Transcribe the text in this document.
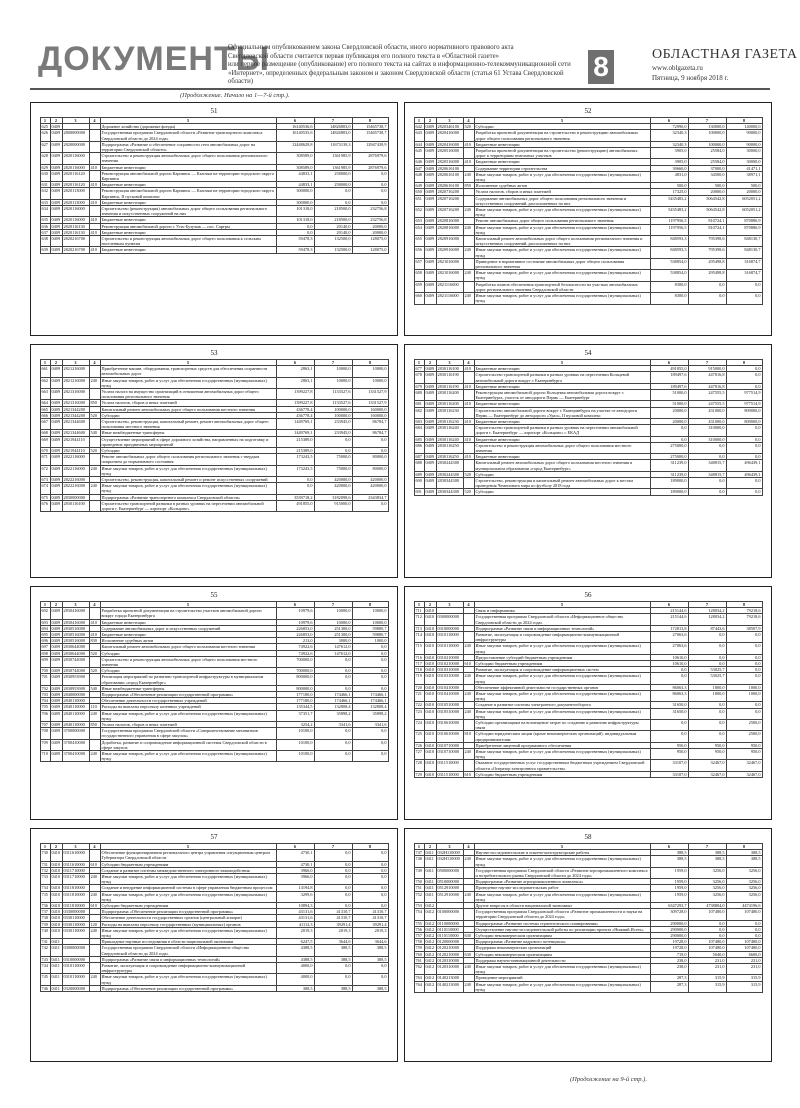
ДОКУМЕНТЫ
Официальным опубликованием закона Свердловской области, иного нормативного правового акта
Свердловской области считается первая публикация его полного текста в «Областной газете»
или первое размещение (опубликование) его полного текста на сайтах в информационно-телекоммуникационной сети
«Интернет», определенных федеральным законом и законом Свердловской области (статья 61 Устава Свердловской области)	8	ОБЛАСТНАЯ ГАЗЕТА
www.oblgazeta.ru
Пятница, 9 ноября 2018 г.
(Продолжение. Начало на 1—7-й стр.).
51
1	2	3	4	5	6	7	8
625	0409			Дорожное хозяйство (дорожные фонды)	16140536,6	14826803,0	15465738,7
626	0409	2800000000		Государственная программа Свердловской области «Развитие транспортного комплекса Свердловской области до 2024 года»	16140535,6	14826803,0	15465738,7
627	0409	2820000000		Подпрограмма «Развитие и обеспечение сохранности сети автомобильных дорог на территории Свердловской области»	12448629,8	11673139,3	12947439,9
628	0409	2820116000		Строительство и реконструкция автомобильных дорог общего пользования регионального значения	308589,0	1361985,9	2876979,6
629	0409	2820116000	410	Бюджетные инвестиции	308589,0	1361985,9	2876979,6
630	0409	2820116120		Реконструкция автомобильной дороги Карпинск — Кытлым на территории городского округа Карпинск	44833,1	258000,0	0,0
631	0409	2820116120	410	Бюджетные инвестиции	44833,1	258000,0	0,0
632	0409	2820113000		Реконструкция автомобильной дороги Карпинск — Кытлым на территории городского округа Карпинск, II пусковой комплекс	300000,0	0,0	0,0
633	0409	2820113000	410	Бюджетные инвестиции	300000,0	0,0	0,0
634	0409	2820116000		Строительство (реконструкция) автомобильных дорог общего пользования регионального значения и искусственных сооружений на них	101318,0	218500,0	232756,8
635	0409	2820116000	410	Бюджетные инвестиции	101318,0	218500,0	232756,8
636	0409	2820116130		Реконструкция автомобильной дороги г. Усть-Бузулык — пос. Сартры	0,0	20140,0	20000,0
637	0409	2820116130	410	Бюджетные инвестиции	0,0	20140,0	20000,0
638	0409	2820216700		Строительство и реконструкция автомобильных дорог общего пользования к сельским населенным пунктам	59478,3	132500,0	128075,0
639	0409	2820216700	410	Бюджетные инвестиции	59478,3	132500,0	128075,0
52
1	2	3	4	5	6	7	8
642	0409	2820346100	520	Субсидии	72990,0	130000,0	140000,0
643	0409	2820416000		Разработка проектной документации на строительство и реконструкцию автомобильных дорог общего пользования регионального значения	32340,3	100000,0	90000,0
644	0409	2820416000	410	Бюджетные инвестиции	32340,3	100000,0	90000,0
645	0409	2820516000		Разработка проектной документации на строительство (реконструкцию) автомобильных дорог к территориям земельных участков	3905,0	25584,0	30000,0
646	0409	2820516000	410	Бюджетные инвестиции	3905,0	25584,0	30000,0
647	0409	2820616100		Содержание территории строительства	39660,0	37000,0	41471,1
648	0409	2820616100	240	Иные закупки товаров, работ и услуг для обеспечения государственных (муниципальных) нужд	4831,0	34500,0	38971,1
649	0409	2820616100	850	Исполнение судебных актов	500,0	500,0	500,0
650	0409	2820716200		Уплата налогов, сборов и иных платежей	17325,0	20000,0	20000,0
651	0409	2820716200		Содержание автомобильных дорог общего пользования регионального значения и искусственных сооружений, расположенных на них	5435483,2	5064542,8	6052051,2
652	0409	2820716200	240	Иные закупки товаров, работ и услуг для обеспечения государственных (муниципальных) нужд	5435483,2	5064542,8	6052051,2
653	0409	2820816000		Ремонт автомобильных дорог общего пользования регионального значения	1197956,5	810724,1	870886,9
654	0409	2820816000	240	Иные закупки товаров, работ и услуг для обеспечения государственных (муниципальных) нужд	1197956,5	810724,1	870886,9
655	0409	2820916000		Капитальный ремонт автомобильных дорог общего пользования регионального значения и искусственных сооружений, расположенных на них	848593,3	795398,6	848130,7
656	0409	2820916000	240	Иные закупки товаров, работ и услуг для обеспечения государственных (муниципальных) нужд	848593,3	795398,6	848130,7
657	0409	2821016000		Приведение в нормативное состояние автомобильных дорог общего пользования регионального значения	538854,0	295498,8	316874,7
658	0409	2821016000	240	Иные закупки товаров, работ и услуг для обеспечения государственных (муниципальных) нужд	538854,0	295498,8	316874,7
659	0409	2821116000		Разработка планов обеспечения транспортной безопасности на участках автомобильных дорог регионального значения Свердловской области	8300,0	0,0	0,0
660	0409	2821116000	240	Иные закупки товаров, работ и услуг для обеспечения государственных (муниципальных) нужд	8300,0	0,0	0,0
53
1	2	3	4	5	6	7	8
661	0409	2821216000		Приобретение машин, оборудования, транспортных средств для обеспечения сохранности автомобильных дорог	2863,1	10000,0	10000,0
662	0409	2821216000	240	Иные закупки товаров, работ и услуг для обеспечения государственных (муниципальных) нужд	2863,1	10000,0	10000,0
663	0409	2821316000		Уплата налога на имущество организаций в отношении автомобильных дорог общего пользования регионального значения	1399227,8	1133527,6	1331527,9
664	0409	2821316000	850	Уплата налогов, сборов и иных платежей	1399227,8	1133527,6	1331527,9
665	0409	2821344200		Капитальный ремонт автомобильных дорог общего пользования местного значения	436778,4	100000,0	160000,0
666	0409	2821344200	520	Субсидии	436778,4	100000,0	160000,0
667	0409	2821344600		Строительство, реконструкция, капитальный ремонт, ремонт автомобильных дорог общего пользования местного значения	1449769,1	233945,0	86784,7
668	0409	2821344600	540	Иные межбюджетные трансферты	1449769,1	233945,0	86784,7
669	0409	2821944110		Осуществление мероприятий в сфере дорожного хозяйства, направленных на подготовку и проведение праздничных мероприятий	215389,0	0,0	0,0
670	0409	2821944110	520	Субсидии	215389,0	0,0	0,0
671	0409	2822116000		Ремонт автомобильных дорог общего пользования регионального значения с твердым покрытием до нормативного состояния	173243,5	75000,0	80000,0
672	0409	2822116000	240	Иные закупки товаров, работ и услуг для обеспечения государственных (муниципальных) нужд	173243,5	75000,0	80000,0
673	0409	2822216000		Строительство, реконструкция, капитальный ремонт и ремонт искусственных сооружений	0,0	420000,0	420000,0
674	0409	2822216000	240	Иные закупки товаров, работ и услуг для обеспечения государственных (муниципальных) нужд	0,0	420000,0	420000,0
675	0409	2830000000		Подпрограмма «Развитие транспортного комплекса Свердловской области»	3539718,2	3182098,6	2343834,7
676	0409	2830116100		Строительство транспортной развязки в разных уровнях на пересечении автомобильной дороги г. Екатеринбург — аэропорт «Кольцово»	491855,0	915000,0	0,0
54
1	2	3	4	5	6	7	8
677	0409	2830116100	410	Бюджетные инвестиции	491855,0	915000,0	0,0
678	0409	2830116190		Строительство транспортной развязки в разных уровнях на пересечении Кольцевой автомобильной дороги вокруг г. Екатеринбурга	189497,6	447816,8	0,0
679	0409	2830116190	410	Бюджетные инвестиции	189497,6	447816,8	0,0
680	0409	2830116200		Реконструкция автомобильной дороги Кольцевая автомобильная дорога вокруг г. Екатеринбурга, участок от автодороги Пермь — Екатеринбург	51000,0	247555,5	977514,9
681	0409	2830116200	410	Бюджетные инвестиции	51000,0	247555,5	977514,9
682	0409	2830116230		Строительство автомобильной дороги вокруг г. Екатеринбурга на участке от автодороги Пермь — Екатеринбург до автодороги «Урал», II пусковой комплекс	20000,0	431000,0	809000,0
683	0409	2830116230	410	Бюджетные инвестиции	20000,0	431000,0	809000,0
684	0409	2830116240		Строительство транспортной развязки в разных уровнях на пересечении автомобильной дороги г. Екатеринбург — аэропорт «Кольцово» с ЕКАД	0,0	310000,0	0,0
685	0409	2830116240	410	Бюджетные инвестиции	0,0	310000,0	0,0
686	0409	2830116250		Строительство и реконструкция автомобильных дорог общего пользования местного значения	275000,0	0,0	0,0
687	0409	2830116250	410	Бюджетные инвестиции	275000,0	0,0	0,0
688	0409	2830244300		Капитальный ремонт автомобильных дорог общего пользования местного значения в муниципальном образовании «город Екатеринбург»	311239,0	348815,7	496439,1
689	0409	2830244300	520	Субсидии	311239,0	348815,7	496439,1
690	0409	2830344300		Строительство, реконструкция и капитальный ремонт автомобильных дорог к местам проведения Чемпионата мира по футболу 2018 года	189000,0	0,0	0,0
691	0409	2830344300	520	Субсидии	189000,0	0,0	0,0
55
1	2	3	4	5	6	7	8
692	0409	2830416000		Разработка проектной документации на строительство участков автомобильной дороги вокруг города Екатеринбурга	10979,6	10000,0	10000,0
693	0409	2830416000	410	Бюджетные инвестиции	10979,6	10000,0	10000,0
694	0409	2830516000		Содержание автомобильных дорог и искусственных сооружений	226853,0	251300,0	59880,7
695	0409	2830516000	410	Бюджетные инвестиции	226853,0	251300,0	59880,7
696	0409	2830516000	830	Исполнение судебных актов	213,0	3000,0	1000,0
697	0409	2830644000		Капитальный ремонт автомобильных дорог общего пользования местного значения	74922,6	147612,0	0,0
698	0409	2830644000	520	Субсидии	74922,6	147612,0	0,0
699	0409	2830744000		Строительство и реконструкция автомобильных дорог общего пользования местного значения	700000,0	0,0	0,0
700	0409	2830744000	520	Субсидии	700000,0	0,0	0,0
701	0409	2830953900		Реализация мероприятий по развитию транспортной инфраструктуры в муниципальном образовании «город Екатеринбург»	800000,0	0,0	0,0
702	0409	2830953900	540	Иные межбюджетные трансферты	800000,0	0,0	0,0
703	0409	2840000000		Подпрограмма «Обеспечение реализации государственной программы»	177180,0	174466,1	174466,1
704	0409	2840110000		Обеспечение деятельности государственных учреждений	177180,0	174466,1	174466,1
705	0409	2840110000	110	Расходы на выплаты персоналу казенных учреждений	135344,5	132808,4	132808,4
706	0409	2840110000	240	Иные закупки товаров, работ и услуг для обеспечения государственных (муниципальных) нужд	37351,7	35898,2	35898,2
707	0409	2840110000	850	Уплата налогов, сборов и иных платежей	3254,2	3341,6	3341,6
708	0409	3700000000		Государственная программа Свердловской области «Совершенствование механизмов государственного управления в сфере закупок»	10100,0	0,0	0,0
709	0409	3700410000		Доработка, развитие и сопровождение информационной системы Свердловской области в сфере закупок	10100,0	0,0	0,0
710	0409	3700410000	240	Иные закупки товаров, работ и услуг для обеспечения государственных (муниципальных) нужд	10100,0	0,0	0,0
56
1	2	3	4	5	6	7	8
711	0410			Связь и информатика	215144,6	128034,2	79218,6
712	0410	0300000000		Государственная программа Свердловской области «Информационное общество Свердловской области до 2024 года»	215144,6	128034,2	79218,6
713	0410	0310000000		Подпрограмма «Развитие связи и информационных технологий»	172813,8	87443,6	38507,9
714	0410	0310110000		Развитие, эксплуатация и сопровождение информационно-коммуникационной инфраструктуры	27063,6	0,0	0,0
715	0410	0310110000	240	Иные закупки товаров, работ и услуг для обеспечения государственных (муниципальных) нужд	27063,6	0,0	0,0
716	0410	0310210000		Предоставление субсидий бюджетным учреждениям	10610,0	0,0	0,0
717	0410	0310210000	610	Субсидии бюджетным учреждениям	10610,0	0,0	0,0
718	0410	0310310000		Развитие, эксплуатация и сопровождение информационных систем	0,0	53025,7	0,0
719	0410	0310310000	240	Иные закупки товаров, работ и услуг для обеспечения государственных (муниципальных) нужд	0,0	53025,7	0,0
720	0410	0310410000		Обеспечение эффективной деятельности государственных органов	86063,3	1800,0	1000,0
721	0410	0310410000	240	Иные закупки товаров, работ и услуг для обеспечения государственных (муниципальных) нужд	86063,3	1800,0	1000,0
722	0410	0310510000		Создание и развитие системы электронного документооборота	31650,0	0,0	0,0
723	0410	0310510000	240	Иные закупки товаров, работ и услуг для обеспечения государственных (муниципальных) нужд	31650,0	0,0	0,0
724	0410	0310610000		Субсидии организациям на возмещение затрат по созданию и развитию инфраструктуры связи	0,0	0,0	2500,0
725	0410	0310610000	810	Субсидии юридическим лицам (кроме некоммерческих организаций), индивидуальным предпринимателям	0,0	0,0	2500,0
726	0410	0310710000		Приобретение лицензий программного обеспечения	950,0	950,0	950,0
727	0410	0310710000	240	Иные закупки товаров, работ и услуг для обеспечения государственных (муниципальных) нужд	950,0	950,0	950,0
728	0410	0311510000		Оказание государственных услуг государственным бюджетным учреждением Свердловской области «Оператор электронного правительства»	33107,0	32467,0	32467,0
729	0410	0311510000	610	Субсидии бюджетным учреждениям	33107,0	32467,0	32467,0
57
1	2	3	4	5	6	7	8
730	0410	0311610000		Обеспечение функционирования регионального центра управления ситуационным центром Губернатора Свердловской области	4730,1	0,0	0,0
731	0410	0311610000	610	Субсидии бюджетным учреждениям	4730,1	0,0	0,0
732	0410	0311710000		Создание и развитие системы межведомственного электронного взаимодействия	3966,0	0,0	0,0
733	0410	0311710000	240	Иные закупки товаров, работ и услуг для обеспечения государственных (муниципальных) нужд	3966,0	0,0	0,0
734	0410	0311810000		Создание и внедрение информационной системы в сфере управления бюджетным процессом	14194,8	0,0	0,0
735	0410	0311810000	240	Иные закупки товаров, работ и услуг для обеспечения государственных (муниципальных) нужд	3299,6	0,0	0,0
736	0410	0311810000	610	Субсидии бюджетным учреждениям	10894,3	0,0	0,0
737	0410	0330000000		Подпрограмма «Обеспечение реализации государственной программы»	43131,6	41310,7	41310,7
738	0410	0330110000		Обеспечение деятельности государственных органов (центральный аппарат)	43131,6	41310,7	41310,7
739	0410	0330110000	120	Расходы на выплаты персоналу государственных (муниципальных) органов	41112,3	39291,4	39291,4
740	0410	0330110000	240	Иные закупки товаров, работ и услуг для обеспечения государственных (муниципальных) нужд	2019,3	2019,3	2019,3
741	0411			Прикладные научные исследования в области национальной экономики	6247,5	3644,6	3644,6
742	0411	0300000000		Государственная программа Свердловской области «Информационное общество Свердловской области до 2024 года»	4388,5	388,5	388,5
743	0411	0310000000		Подпрограмма «Развитие связи и информационных технологий»	4388,5	388,5	388,5
744	0411	0310110000		Развитие, эксплуатация и сопровождение информационно-коммуникационной инфраструктуры	4000,0	0,0	0,0
745	0411	0310110000	240	Иные закупки товаров, работ и услуг для обеспечения государственных (муниципальных) нужд	4000,0	0,0	0,0
746	0411	0320000000		Подпрограмма «Обеспечение реализации государственной программы»	388,5	388,5	388,5
58
1	2	3	4	5	6	7	8
747	0411	032Н110000		Научно-исследовательские и опытно-конструкторские работы	388,5	388,5	388,5
748	0411	032Н110000	240	Иные закупки товаров, работ и услуг для обеспечения государственных (муниципальных) нужд	388,5	388,5	388,5
749	0411	0500000000		Государственная программа Свердловской области «Развитие агропромышленного комплекса и потребительского рынка Свердловской области до 2024 года»	1959,0	3256,0	3256,0
750	0411	0510000000		Подпрограмма «Развитие агропромышленного комплекса»	1959,0	3256,0	3256,0
751	0411	0512910000		Проведение научно-исследовательских работ	1959,0	3256,0	3256,0
752	0411	0512910000	240	Иные закупки товаров, работ и услуг для обеспечения государственных (муниципальных) нужд	1959,0	3256,0	3256,0
753	0412			Другие вопросы в области национальной экономики	6347293,7	4738804,0	4474196,6
754	0412	0100000000		Государственная программа Свердловской области «Развитие промышленности и науки на территории Свердловской области до 2024 года»	309728,0	107480,0	107480,0
755	0412	0110000000		Подпрограмма «Развитие системы стратегического планирования»	290000,0	0,0	0,0
756	0412	0110110000		Осуществление научно-исследовательской работы по реализации проекта «Нижний Исеть»	290000,0	0,0	0,0
757	0412	0110110000	630	Субсидии некоммерческим организациям	290000,0	0,0	0,0
758	0412	0120000000		Подпрограмма «Развитие кадрового потенциала»	19728,0	107480,0	107480,0
759	0412	0120210000		Поддержка некоммерческих организаций	19728,0	107480,0	107480,0
760	0412	0120210000	630	Субсидии некоммерческим организациям	719,0	5040,0	6600,0
761	0412	0120310000		Поддержка научно-инновационной деятельности	238,0	231,0	231,0
762	0412	0120310000	240	Иные закупки товаров, работ и услуг для обеспечения государственных (муниципальных) нужд	238,0	231,0	231,0
763	0412	0140213000		Проведение мероприятий	287,3	315,9	315,9
764	0412	0140213000	240	Иные закупки товаров, работ и услуг для обеспечения государственных (муниципальных) нужд	287,3	315,9	315,9
(Продолжение на 9-й стр.).
